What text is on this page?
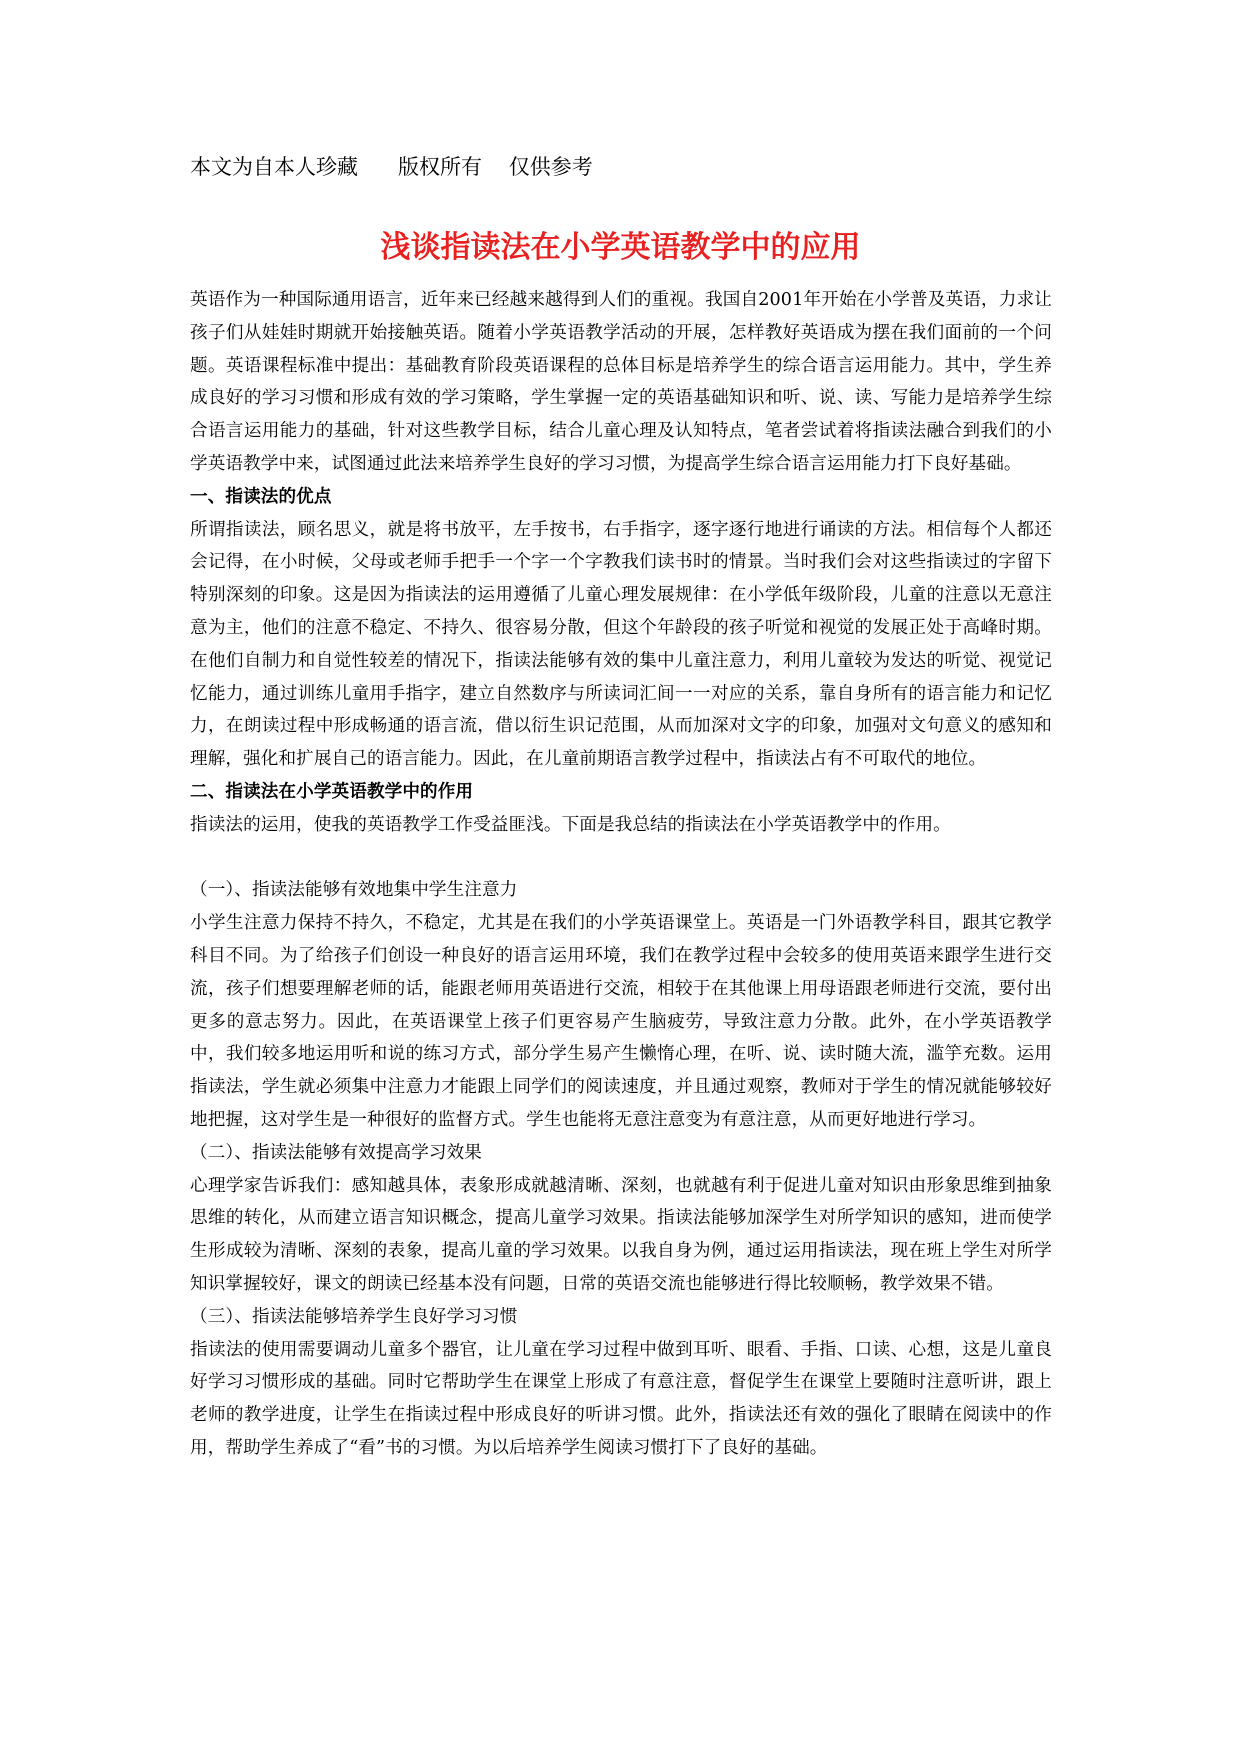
本文为自本人珍藏      版权所有    仅供参考
浅谈指读法在小学英语教学中的应用

英语作为一种国际通用语言，近年来已经越来越得到人们的重视。我国自2001年开始在小学普及英语，力求让孩子们从娃娃时期就开始接触英语。随着小学英语教学活动的开展，怎样教好英语成为摆在我们面前的一个问题。英语课程标准中提出：基础教育阶段英语课程的总体目标是培养学生的综合语言运用能力。其中，学生养成良好的学习习惯和形成有效的学习策略，学生掌握一定的英语基础知识和听、说、读、写能力是培养学生综合语言运用能力的基础，针对这些教学目标，结合儿童心理及认知特点，笔者尝试着将指读法融合到我们的小学英语教学中来，试图通过此法来培养学生良好的学习习惯，为提高学生综合语言运用能力打下良好基础。

一、指读法的优点

所谓指读法，顾名思义，就是将书放平，左手按书，右手指字，逐字逐行地进行诵读的方法。相信每个人都还会记得，在小时候，父母或老师手把手一个字一个字教我们读书时的情景。当时我们会对这些指读过的字留下特别深刻的印象。这是因为指读法的运用遵循了儿童心理发展规律：在小学低年级阶段，儿童的注意以无意注意为主，他们的注意不稳定、不持久、很容易分散，但这个年龄段的孩子听觉和视觉的发展正处于高峰时期。在他们自制力和自觉性较差的情况下，指读法能够有效的集中儿童注意力，利用儿童较为发达的听觉、视觉记忆能力，通过训练儿童用手指字，建立自然数序与所读词汇间一一对应的关系，靠自身所有的语言能力和记忆力，在朗读过程中形成畅通的语言流，借以衍生识记范围，从而加深对文字的印象，加强对文句意义的感知和理解，强化和扩展自己的语言能力。因此，在儿童前期语言教学过程中，指读法占有不可取代的地位。

二、指读法在小学英语教学中的作用

指读法的运用，使我的英语教学工作受益匪浅。下面是我总结的指读法在小学英语教学中的作用。

（一）、指读法能够有效地集中学生注意力

小学生注意力保持不持久，不稳定，尤其是在我们的小学英语课堂上。英语是一门外语教学科目，跟其它教学科目不同。为了给孩子们创设一种良好的语言运用环境，我们在教学过程中会较多的使用英语来跟学生进行交流，孩子们想要理解老师的话，能跟老师用英语进行交流，相较于在其他课上用母语跟老师进行交流，要付出更多的意志努力。因此，在英语课堂上孩子们更容易产生脑疲劳，导致注意力分散。此外，在小学英语教学中，我们较多地运用听和说的练习方式，部分学生易产生懒惰心理，在听、说、读时随大流，滥竽充数。运用指读法，学生就必须集中注意力才能跟上同学们的阅读速度，并且通过观察，教师对于学生的情况就能够较好地把握，这对学生是一种很好的监督方式。学生也能将无意注意变为有意注意，从而更好地进行学习。

（二）、指读法能够有效提高学习效果

心理学家告诉我们：感知越具体，表象形成就越清晰、深刻，也就越有利于促进儿童对知识由形象思维到抽象思维的转化，从而建立语言知识概念，提高儿童学习效果。指读法能够加深学生对所学知识的感知，进而使学生形成较为清晰、深刻的表象，提高儿童的学习效果。以我自身为例，通过运用指读法，现在班上学生对所学知识掌握较好，课文的朗读已经基本没有问题，日常的英语交流也能够进行得比较顺畅，教学效果不错。

（三）、指读法能够培养学生良好学习习惯

指读法的使用需要调动儿童多个器官，让儿童在学习过程中做到耳听、眼看、手指、口读、心想，这是儿童良好学习习惯形成的基础。同时它帮助学生在课堂上形成了有意注意，督促学生在课堂上要随时注意听讲，跟上老师的教学进度，让学生在指读过程中形成良好的听讲习惯。此外，指读法还有效的强化了眼睛在阅读中的作用，帮助学生养成了“看”书的习惯。为以后培养学生阅读习惯打下了良好的基础。
